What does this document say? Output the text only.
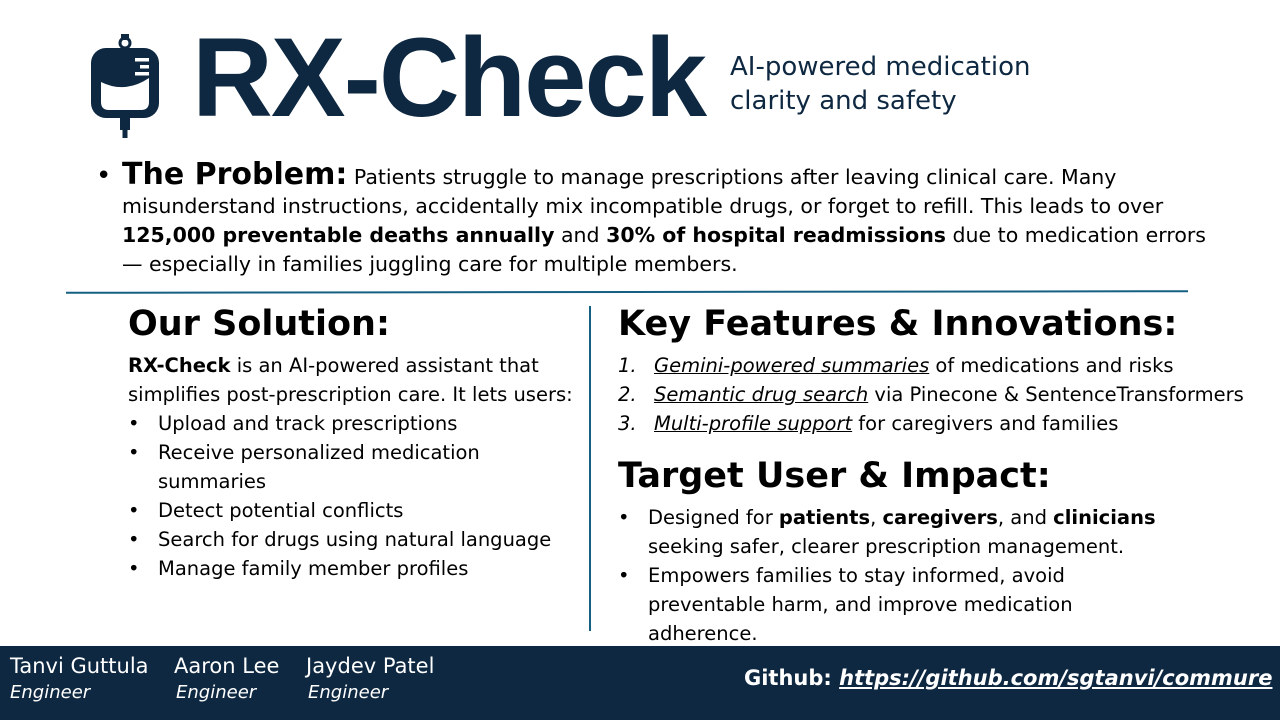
RX-Check AI-powered medication
clarity and safety
• The Problem: Patients struggle to manage prescriptions after leaving clinical care. Many misunderstand instructions, accidentally mix incompatible drugs, or forget to refill. This leads to over 125,000 preventable deaths annually and 30% of hospital readmissions due to medication errors — especially in families juggling care for multiple members.
Our Solution:
RX-Check is an AI-powered assistant that simplifies post-prescription care. It lets users:
• Upload and track prescriptions
• Receive personalized medication summaries
• Detect potential conflicts
• Search for drugs using natural language
• Manage family member profiles
Key Features & Innovations:
1. Gemini-powered summaries of medications and risks
2. Semantic drug search via Pinecone & SentenceTransformers
3. Multi-profile support for caregivers and families
Target User & Impact:
• Designed for patients, caregivers, and clinicians seeking safer, clearer prescription management.
• Empowers families to stay informed, avoid preventable harm, and improve medication adherence.
Tanvi Guttula
Engineer
Aaron Lee
Engineer
Jaydev Patel
Engineer
Github: https://github.com/sgtanvi/commure
